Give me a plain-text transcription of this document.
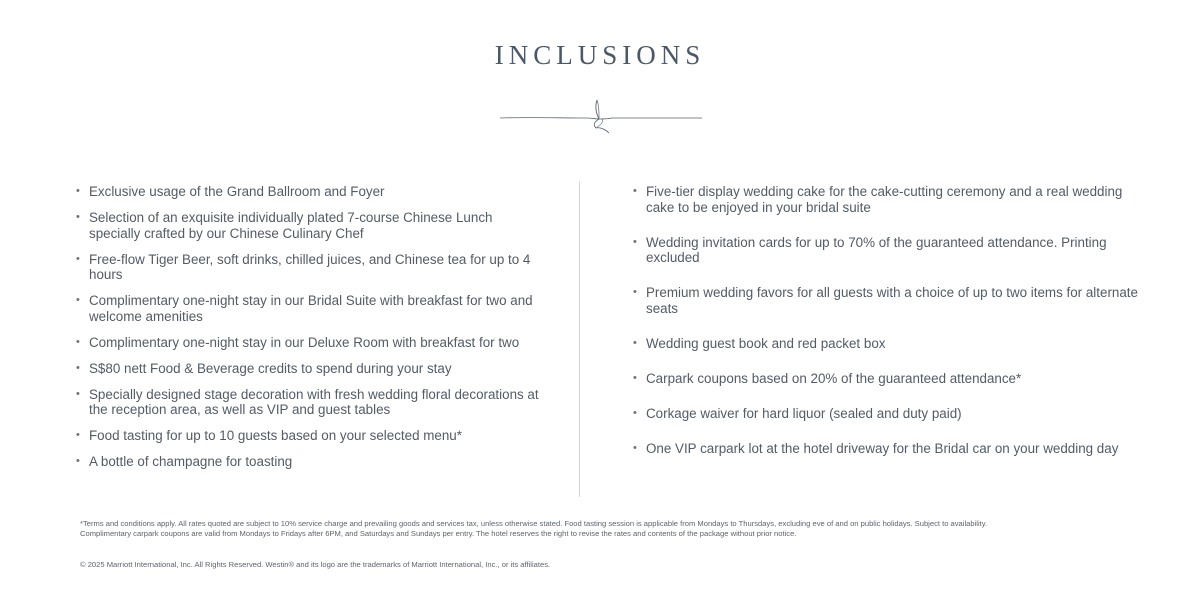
INCLUSIONS
• Exclusive usage of the Grand Ballroom and Foyer
• Selection of an exquisite individually plated 7-course Chinese Lunch specially crafted by our Chinese Culinary Chef
• Free-flow Tiger Beer, soft drinks, chilled juices, and Chinese tea for up to 4 hours
• Complimentary one-night stay in our Bridal Suite with breakfast for two and welcome amenities
• Complimentary one-night stay in our Deluxe Room with breakfast for two
• S$80 nett Food & Beverage credits to spend during your stay
• Specially designed stage decoration with fresh wedding floral decorations at the reception area, as well as VIP and guest tables
• Food tasting for up to 10 guests based on your selected menu*
• A bottle of champagne for toasting
• Five-tier display wedding cake for the cake-cutting ceremony and a real wedding cake to be enjoyed in your bridal suite
• Wedding invitation cards for up to 70% of the guaranteed attendance. Printing excluded
• Premium wedding favors for all guests with a choice of up to two items for alternate seats
• Wedding guest book and red packet box
• Carpark coupons based on 20% of the guaranteed attendance*
• Corkage waiver for hard liquor (sealed and duty paid)
• One VIP carpark lot at the hotel driveway for the Bridal car on your wedding day
*Terms and conditions apply. All rates quoted are subject to 10% service charge and prevailing goods and services tax, unless otherwise stated. Food tasting session is applicable from Mondays to Thursdays, excluding eve of and on public holidays. Subject to availability.
Complimentary carpark coupons are valid from Mondays to Fridays after 6PM, and Saturdays and Sundays per entry. The hotel reserves the right to revise the rates and contents of the package without prior notice.
© 2025 Marriott International, Inc. All Rights Reserved. Westin® and its logo are the trademarks of Marriott International, Inc., or its affiliates.
